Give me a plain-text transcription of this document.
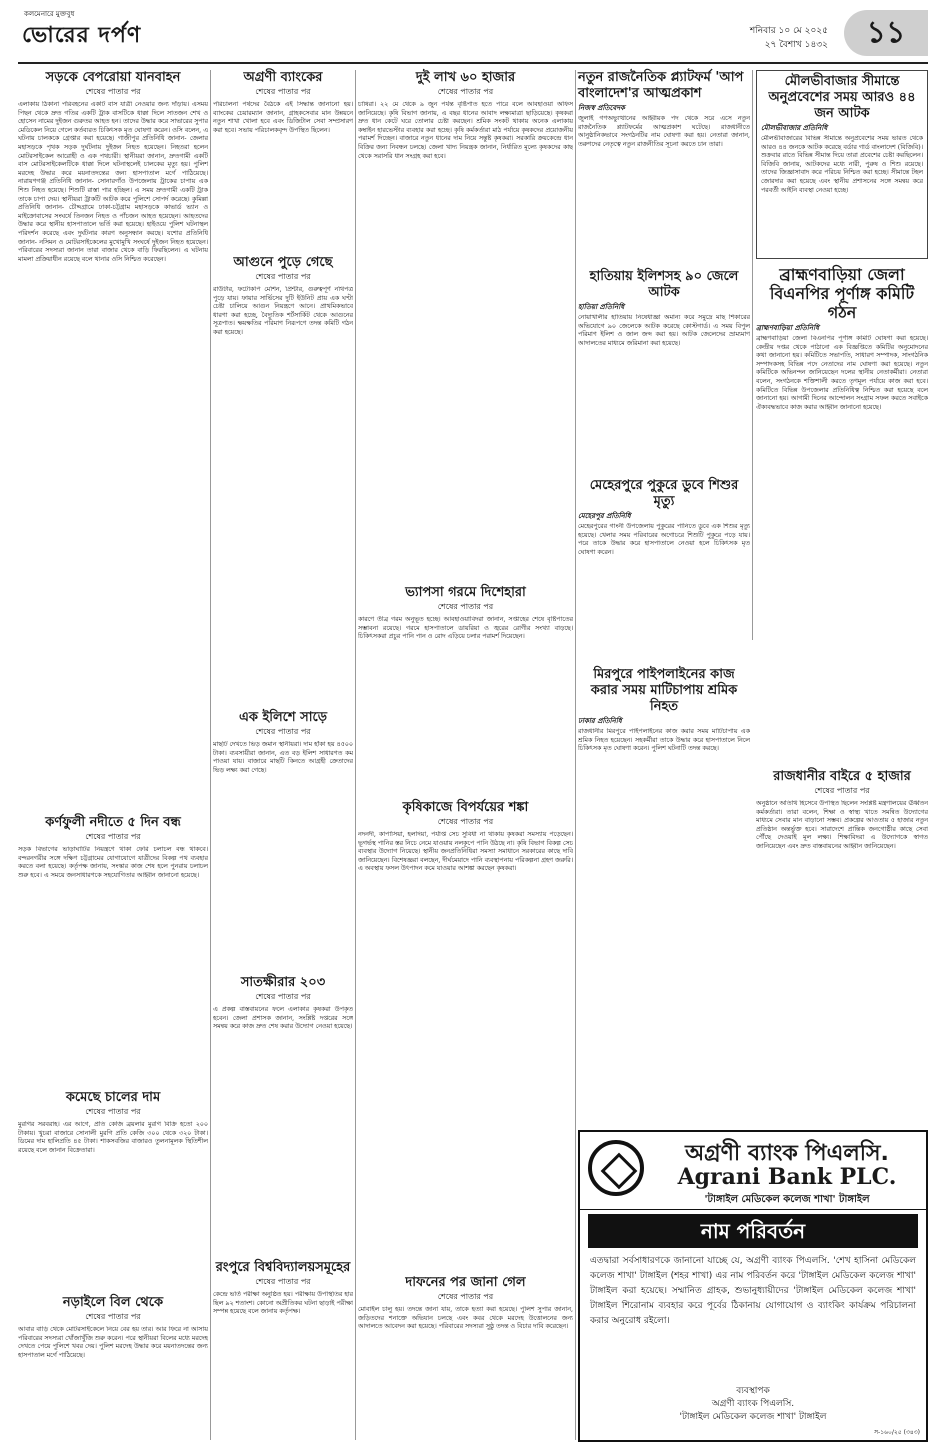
কলমেনারে মুক্তবুধ
ভোরের দর্পণ	শনিবার ১০ মে ২০২৫
২৭ বৈশাখ ১৪৩২	১১
সড়কে বেপরোয়া যানবাহন
শেষের পাতার পর
এলাকায় ঠিকানা পরিবহনের একটি বাস যাত্রী নেওয়ার জন্য দাঁড়ায়। এসময় পিছন থেকে দ্রুত গতির একটি ট্রাক বাসটিকে ধাক্কা দিলে সাতজন শেখ ও হোসেন নামের দুইজন গুরুতর আহত হন। তাদের উদ্ধার করে সাভারের সুপার মেডিকেল নিয়ে গেলে কর্তব্যরত চিকিৎসক মৃত ঘোষণা করেন। ওসি বলেন, এ ঘটনায় চালককে গ্রেপ্তার করা হয়েছে। গাজীপুর প্রতিনিধি জানান- জেলার মহাসড়কে পৃথক সড়ক দুর্ঘটনায় দুইজন নিহত হয়েছেন। নিহতরা হলেন মোটরসাইকেল আরোহী ও এক পথচারী। স্থানীয়রা জানান, দ্রুতগামী একটি বাস মোটরসাইকেলটিকে ধাক্কা দিলে ঘটনাস্থলেই চালকের মৃত্যু হয়। পুলিশ মরদেহ উদ্ধার করে ময়নাতদন্তের জন্য হাসপাতাল মর্গে পাঠিয়েছে। নারায়ণগঞ্জ প্রতিনিধি জানান- সোনারগাঁও উপজেলায় ট্রাকের চাপায় এক শিশু নিহত হয়েছে। শিশুটি রাস্তা পার হচ্ছিল। এ সময় দ্রুতগামী একটি ট্রাক তাকে চাপা দেয়। স্থানীয়রা ট্রাকটি আটক করে পুলিশে সোপর্দ করেছে। কুমিল্লা প্রতিনিধি জানান- চৌদ্দগ্রামে ঢাকা-চট্টগ্রাম মহাসড়কে কাভার্ড ভ্যান ও মাইক্রোবাসের সংঘর্ষে তিনজন নিহত ও পাঁচজন আহত হয়েছেন। আহতদের উদ্ধার করে স্থানীয় হাসপাতালে ভর্তি করা হয়েছে। হাইওয়ে পুলিশ ঘটনাস্থল পরিদর্শন করেছে এবং দুর্ঘটনার কারণ অনুসন্ধান করছে। যশোর প্রতিনিধি জানান- নসিমন ও মোটরসাইকেলের মুখোমুখি সংঘর্ষে দুইজন নিহত হয়েছেন। পরিবারের সদস্যরা জানান তারা বাজার থেকে বাড়ি ফিরছিলেন। এ ঘটনায় মামলা প্রক্রিয়াধীন রয়েছে বলে থানার ওসি নিশ্চিত করেছেন।
কর্ণফুলী নদীতে ৫ দিন বন্ধ
শেষের পাতার পর
সড়ক বিভাগের ভাড়াঘাটির নিয়ন্ত্রণে থাকা ফেরি চলাচল বন্ধ থাকবে। বন্দরনগরীর সঙ্গে দক্ষিণ চট্টগ্রামের যোগাযোগে যাত্রীদের বিকল্প পথ ব্যবহার করতে বলা হয়েছে। কর্তৃপক্ষ জানায়, সংস্কার কাজ শেষ হলে পুনরায় চলাচল শুরু হবে। এ সময়ে জনসাধারণকে সহযোগিতার আহ্বান জানানো হয়েছে।
কমেছে চালের দাম
শেষের পাতার পর
মুরগির সরবরাহ। এর আগে, প্রতি কেজি ব্রয়লার মুরগি বিক্রি হতো ২০০ টাকায়। খুচরা বাজারে সোনালী মুরগি প্রতি কেজি ৩০০ থেকে ৩২০ টাকা। ডিমের দাম হালিপ্রতি ৪৫ টাকা। শাকসবজির বাজারও তুলনামূলক স্থিতিশীল রয়েছে বলে জানান বিক্রেতারা।
নড়াইলে বিল থেকে
শেষের পাতার পর
আবার বাড়ি থেকে মোটরসাইকেলে নিয়ে বের হয় তার। আর ফিরে না আসায় পরিবারের সদস্যরা খোঁজাখুঁজি শুরু করেন। পরে স্থানীয়রা বিলের মধ্যে মরদেহ দেখতে পেয়ে পুলিশে খবর দেয়। পুলিশ মরদেহ উদ্ধার করে ময়নাতদন্তের জন্য হাসপাতাল মর্গে পাঠিয়েছে।
অগ্রণী ব্যাংকের
শেষের পাতার পর
পরিচালনা পর্ষদের বৈঠকে এই সিদ্ধান্ত জানানো হয়। ব্যাংকের চেয়ারম্যান জানান, গ্রাহকসেবার মান উন্নয়নে নতুন শাখা খোলা হবে এবং ডিজিটাল সেবা সম্প্রসারণ করা হবে। সভায় পরিচালকবৃন্দ উপস্থিত ছিলেন।
আগুনে পুড়ে গেছে
শেষের পাতার পর
রাউটার, ফটোকপি মেশিন, প্রিন্টার, গুরুত্বপূর্ণ নথিপত্র পুড়ে যায়। ফায়ার সার্ভিসের দুটি ইউনিট প্রায় এক ঘণ্টা চেষ্টা চালিয়ে আগুন নিয়ন্ত্রণে আনে। প্রাথমিকভাবে ধারণা করা হচ্ছে, বৈদ্যুতিক শর্টসার্কিট থেকে আগুনের সূত্রপাত। ক্ষয়ক্ষতির পরিমাণ নিরূপণে তদন্ত কমিটি গঠন করা হয়েছে।
এক ইলিশে সাড়ে
শেষের পাতার পর
মাছটি দেখতে ভিড় জমান স্থানীয়রা। দাম হাঁকা হয় ৪৫০০ টাকা। ব্যবসায়ীরা জানান, এত বড় ইলিশ সাধারণত কম পাওয়া যায়। বাজারে মাছটি কিনতে আগ্রহী ক্রেতাদের ভিড় লক্ষ্য করা গেছে।
সাতক্ষীরার ২০৩
শেষের পাতার পর
এ প্রকল্প বাস্তবায়নের ফলে এলাকার কৃষকরা উপকৃত হবেন। জেলা প্রশাসক জানান, সংশ্লিষ্ট দপ্তরের সঙ্গে সমন্বয় করে কাজ দ্রুত শেষ করার উদ্যোগ নেওয়া হয়েছে।
রংপুরে বিশ্ববিদ্যালয়সমূহের
শেষের পাতার পর
কেন্দ্রে ভর্তি পরীক্ষা অনুষ্ঠিত হয়। পরীক্ষায় উপস্থিতির হার ছিল ৯২ শতাংশ। কোনো অপ্রীতিকর ঘটনা ছাড়াই পরীক্ষা সম্পন্ন হয়েছে বলে জানায় কর্তৃপক্ষ।
দুই লাখ ৬০ হাজার
শেষের পাতার পর
চাষিরা। ২২ মে থেকে ৯ জুন পর্যন্ত বৃষ্টিপাত হতে পারে বলে আবহাওয়া অফিস জানিয়েছে। কৃষি বিভাগ জানায়, এ বছর ধানের আবাদ লক্ষ্যমাত্রা ছাড়িয়েছে। কৃষকরা দ্রুত ধান কেটে ঘরে তোলার চেষ্টা করছেন। শ্রমিক সংকট থাকায় অনেক এলাকায় কম্বাইন হারভেস্টার ব্যবহার করা হচ্ছে। কৃষি কর্মকর্তারা মাঠ পর্যায়ে কৃষকদের প্রয়োজনীয় পরামর্শ দিচ্ছেন। বাজারে নতুন ধানের দাম নিয়ে সন্তুষ্ট কৃষকরা। সরকারি ক্রয়কেন্দ্রে ধান বিক্রির জন্য নিবন্ধন চলছে। জেলা খাদ্য নিয়ন্ত্রক জানান, নির্ধারিত মূল্যে কৃষকদের কাছ থেকে সরাসরি ধান সংগ্রহ করা হবে।
ভ্যাপসা গরমে দিশেহারা
শেষের পাতার পর
কারণে তীব্র গরম অনুভূত হচ্ছে। আবহাওয়াবিদরা জানান, সপ্তাহের শেষে বৃষ্টিপাতের সম্ভাবনা রয়েছে। গরমে হাসপাতালে ডায়রিয়া ও জ্বরের রোগীর সংখ্যা বাড়ছে। চিকিৎসকরা প্রচুর পানি পান ও রোদ এড়িয়ে চলার পরামর্শ দিয়েছেন।
কৃষিকাজে বিপর্যয়ের শঙ্কা
শেষের পাতার পর
নদনদী, কাপাসিয়া, হলদিয়া, পর্যাপ্ত সেচ সুবিধা না থাকায় কৃষকরা সমস্যায় পড়েছেন। ভূগর্ভস্থ পানির স্তর নিচে নেমে যাওয়ায় নলকূপে পানি উঠছে না। কৃষি বিভাগ বিকল্প সেচ ব্যবস্থার উদ্যোগ নিয়েছে। স্থানীয় জনপ্রতিনিধিরা সমস্যা সমাধানে সরকারের কাছে দাবি জানিয়েছেন। বিশেষজ্ঞরা বলছেন, দীর্ঘমেয়াদে পানি ব্যবস্থাপনায় পরিকল্পনা গ্রহণ জরুরি। এ অবস্থায় ফসল উৎপাদন কমে যাওয়ার আশঙ্কা করছেন কৃষকরা।
দাফনের পর জানা গেল
শেষের পাতার পর
মোবাইল চালু হয়। তদন্তে জানা যায়, তাকে হত্যা করা হয়েছে। পুলিশ সুপার জানান, জড়িতদের শনাক্তে অভিযান চলছে এবং কবর থেকে মরদেহ উত্তোলনের জন্য আদালতে আবেদন করা হয়েছে। পরিবারের সদস্যরা সুষ্ঠু তদন্ত ও বিচার দাবি করেছেন।
নতুন রাজনৈতিক প্ল্যাটফর্ম 'আপ বাংলাদেশ'র আত্মপ্রকাশ
নিজস্ব প্রতিবেদক
জুলাই গণঅভ্যুত্থানের আহ্বায়ক পদ থেকে সরে এসে নতুন রাজনৈতিক প্ল্যাটফর্মের আত্মপ্রকাশ ঘটেছে। রাজধানীতে আনুষ্ঠানিকভাবে সংগঠনটির নাম ঘোষণা করা হয়। নেতারা জানান, তরুণদের নেতৃত্বে নতুন রাজনীতির সূচনা করতে চান তারা।
হাতিয়ায় ইলিশসহ ৯০ জেলে আটক
হাতিয়া প্রতিনিধি
নোয়াখালীর হাতিয়ায় নিষেধাজ্ঞা অমান্য করে সমুদ্রে মাছ শিকারের অভিযোগে ৯০ জেলেকে আটক করেছে কোস্টগার্ড। এ সময় বিপুল পরিমাণ ইলিশ ও জাল জব্দ করা হয়। আটক জেলেদের ভ্রাম্যমাণ আদালতের মাধ্যমে জরিমানা করা হয়েছে।
মেহেরপুরে পুকুরে ডুবে শিশুর মৃত্যু
মেহেরপুর প্রতিনিধি
মেহেরপুরের গাংনী উপজেলায় পুকুরের পানিতে ডুবে এক শিশুর মৃত্যু হয়েছে। খেলার সময় পরিবারের অগোচরে শিশুটি পুকুরে পড়ে যায়। পরে তাকে উদ্ধার করে হাসপাতালে নেওয়া হলে চিকিৎসক মৃত ঘোষণা করেন।
মিরপুরে পাইপলাইনের কাজ করার সময় মাটিচাপায় শ্রমিক নিহত
ঢাকার প্রতিনিধি
রাজধানীর মিরপুরে পাইপলাইনের কাজ করার সময় মাটিচাপায় এক শ্রমিক নিহত হয়েছেন। সহকর্মীরা তাকে উদ্ধার করে হাসপাতালে নিলে চিকিৎসক মৃত ঘোষণা করেন। পুলিশ ঘটনাটি তদন্ত করছে।
মৌলভীবাজার সীমান্তে অনুপ্রবেশের সময় আরও ৪৪ জন আটক
মৌলভীবাজার প্রতিনিধি
মৌলভীবাজারের বিভিন্ন সীমান্তে অনুপ্রবেশের সময় ভারত থেকে আরও ৪৪ জনকে আটক করেছে বর্ডার গার্ড বাংলাদেশ (বিজিবি)। শুক্রবার রাতে বিভিন্ন সীমান্ত দিয়ে তারা প্রবেশের চেষ্টা করছিলেন। বিজিবি জানায়, আটকদের মধ্যে নারী, পুরুষ ও শিশু রয়েছে। তাদের জিজ্ঞাসাবাদ করে পরিচয় নিশ্চিত করা হচ্ছে। সীমান্তে টহল জোরদার করা হয়েছে এবং স্থানীয় প্রশাসনের সঙ্গে সমন্বয় করে পরবর্তী আইনি ব্যবস্থা নেওয়া হচ্ছে।
ব্রাহ্মণবাড়িয়া জেলা বিএনপির পূর্ণাঙ্গ কমিটি গঠন
ব্রাহ্মণবাড়িয়া প্রতিনিধি
ব্রাহ্মণবাড়িয়া জেলা বিএনপির পূর্ণাঙ্গ কমিটি ঘোষণা করা হয়েছে। কেন্দ্রীয় দপ্তর থেকে পাঠানো এক বিজ্ঞপ্তিতে কমিটির অনুমোদনের কথা জানানো হয়। কমিটিতে সভাপতি, সাধারণ সম্পাদক, সাংগঠনিক সম্পাদকসহ বিভিন্ন পদে নেতাদের নাম ঘোষণা করা হয়েছে। নতুন কমিটিকে অভিনন্দন জানিয়েছেন দলের স্থানীয় নেতাকর্মীরা। নেতারা বলেন, সংগঠনকে শক্তিশালী করতে তৃণমূল পর্যায়ে কাজ করা হবে। কমিটিতে বিভিন্ন উপজেলার প্রতিনিধিত্ব নিশ্চিত করা হয়েছে বলে জানানো হয়। আগামী দিনের আন্দোলন সংগ্রাম সফল করতে সবাইকে ঐক্যবদ্ধভাবে কাজ করার আহ্বান জানানো হয়েছে।
রাজধানীর বাইরে ৫ হাজার
শেষের পাতার পর
অনুষ্ঠানে অতিথি হিসেবে উপস্থিত ছিলেন সংশ্লিষ্ট মন্ত্রণালয়ের ঊর্ধ্বতন কর্মকর্তারা। তারা বলেন, শিক্ষা ও স্বাস্থ্য খাতে সমন্বিত উদ্যোগের মাধ্যমে সেবার মান বাড়ানো সম্ভব। প্রকল্পের আওতায় ৫ হাজার নতুন প্রতিষ্ঠান অন্তর্ভুক্ত হবে। সারাদেশে প্রান্তিক জনগোষ্ঠীর কাছে সেবা পৌঁছে দেওয়াই মূল লক্ষ্য। শিক্ষাবিদরা এ উদ্যোগকে স্বাগত জানিয়েছেন এবং দ্রুত বাস্তবায়নের আহ্বান জানিয়েছেন।
অগ্রণী ব্যাংক পিএলসি.
Agrani Bank PLC.
'টাঙ্গাইল মেডিকেল কলেজ শাখা' টাঙ্গাইল
নাম পরিবর্তন
এতদ্বারা সর্বসাধারণকে জানানো যাচ্ছে যে, অগ্রণী ব্যাংক পিএলসি. 'শেখ হাসিনা মেডিকেল কলেজ শাখা' টাঙ্গাইল (শহর শাখা) এর নাম পরিবর্তন করে 'টাঙ্গাইল মেডিকেল কলেজ শাখা' টাঙ্গাইল করা হয়েছে। সম্মানিত গ্রাহক, শুভানুধ্যায়ীদের 'টাঙ্গাইল মেডিকেল কলেজ শাখা' টাঙ্গাইল শিরোনাম ব্যবহার করে পূর্বের ঠিকানায় যোগাযোগ ও ব্যাংকিং কার্যক্রম পরিচালনা করার অনুরোধ রইলো।
ব্যবস্থাপক
অগ্রণী ব্যাংক পিএলসি.
'টাঙ্গাইল মেডিকেল কলেজ শাখা' টাঙ্গাইল
স-১৬০/২৫ (৩৪৩)
